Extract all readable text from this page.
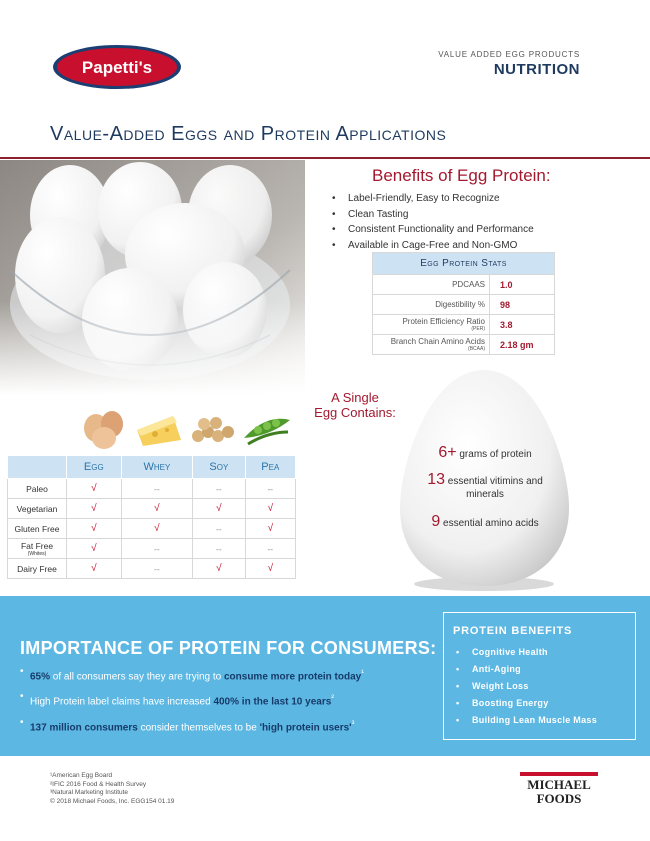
Papetti's
VALUE ADDED EGG PRODUCTS
NUTRITION
Value-Added Eggs and Protein Applications
Benefits of Egg Protein:
• Label-Friendly, Easy to Recognize
• Clean Tasting
• Consistent Functionality and Performance
• Available in Cage-Free and Non-GMO
Egg Protein Stats	
PDCAAS	1.0
Digestibility %	98
Protein Efficiency Ratio
(PER)	3.8
Branch Chain Amino Acids
(BCAA)	2.18 gm
A Single
Egg Contains:
6+ grams of protein
13 essential vitimins and minerals
9 essential amino acids
	Egg	Whey	Soy	Pea
Paleo	√	--	--	--
Vegetarian	√	√	√	√
Gluten Free	√	√	--	√
Fat Free
(Whites)	√	--	--	--
Dairy Free	√	--	√	√
IMPORTANCE OF PROTEIN FOR CONSUMERS:
• 65% of all consumers say they are trying to consume more protein today$^{^1}$
• High Protein label claims have increased 400% in the last 10 years$^{^2}$
• 137 million consumers consider themselves to be 'high protein $users'^{^3}$
PROTEIN BENEFITS
• Cognitive Health
• Anti-Aging
• Weight Loss
• Boosting Energy
• Building Lean Muscle Mass
¹American Egg Board
²IFIC 2016 Food & Health Survey
³Natural Marketing Institute
© 2018 Michael Foods, Inc. EGG154 01.19
MICHAEL
FOODS
